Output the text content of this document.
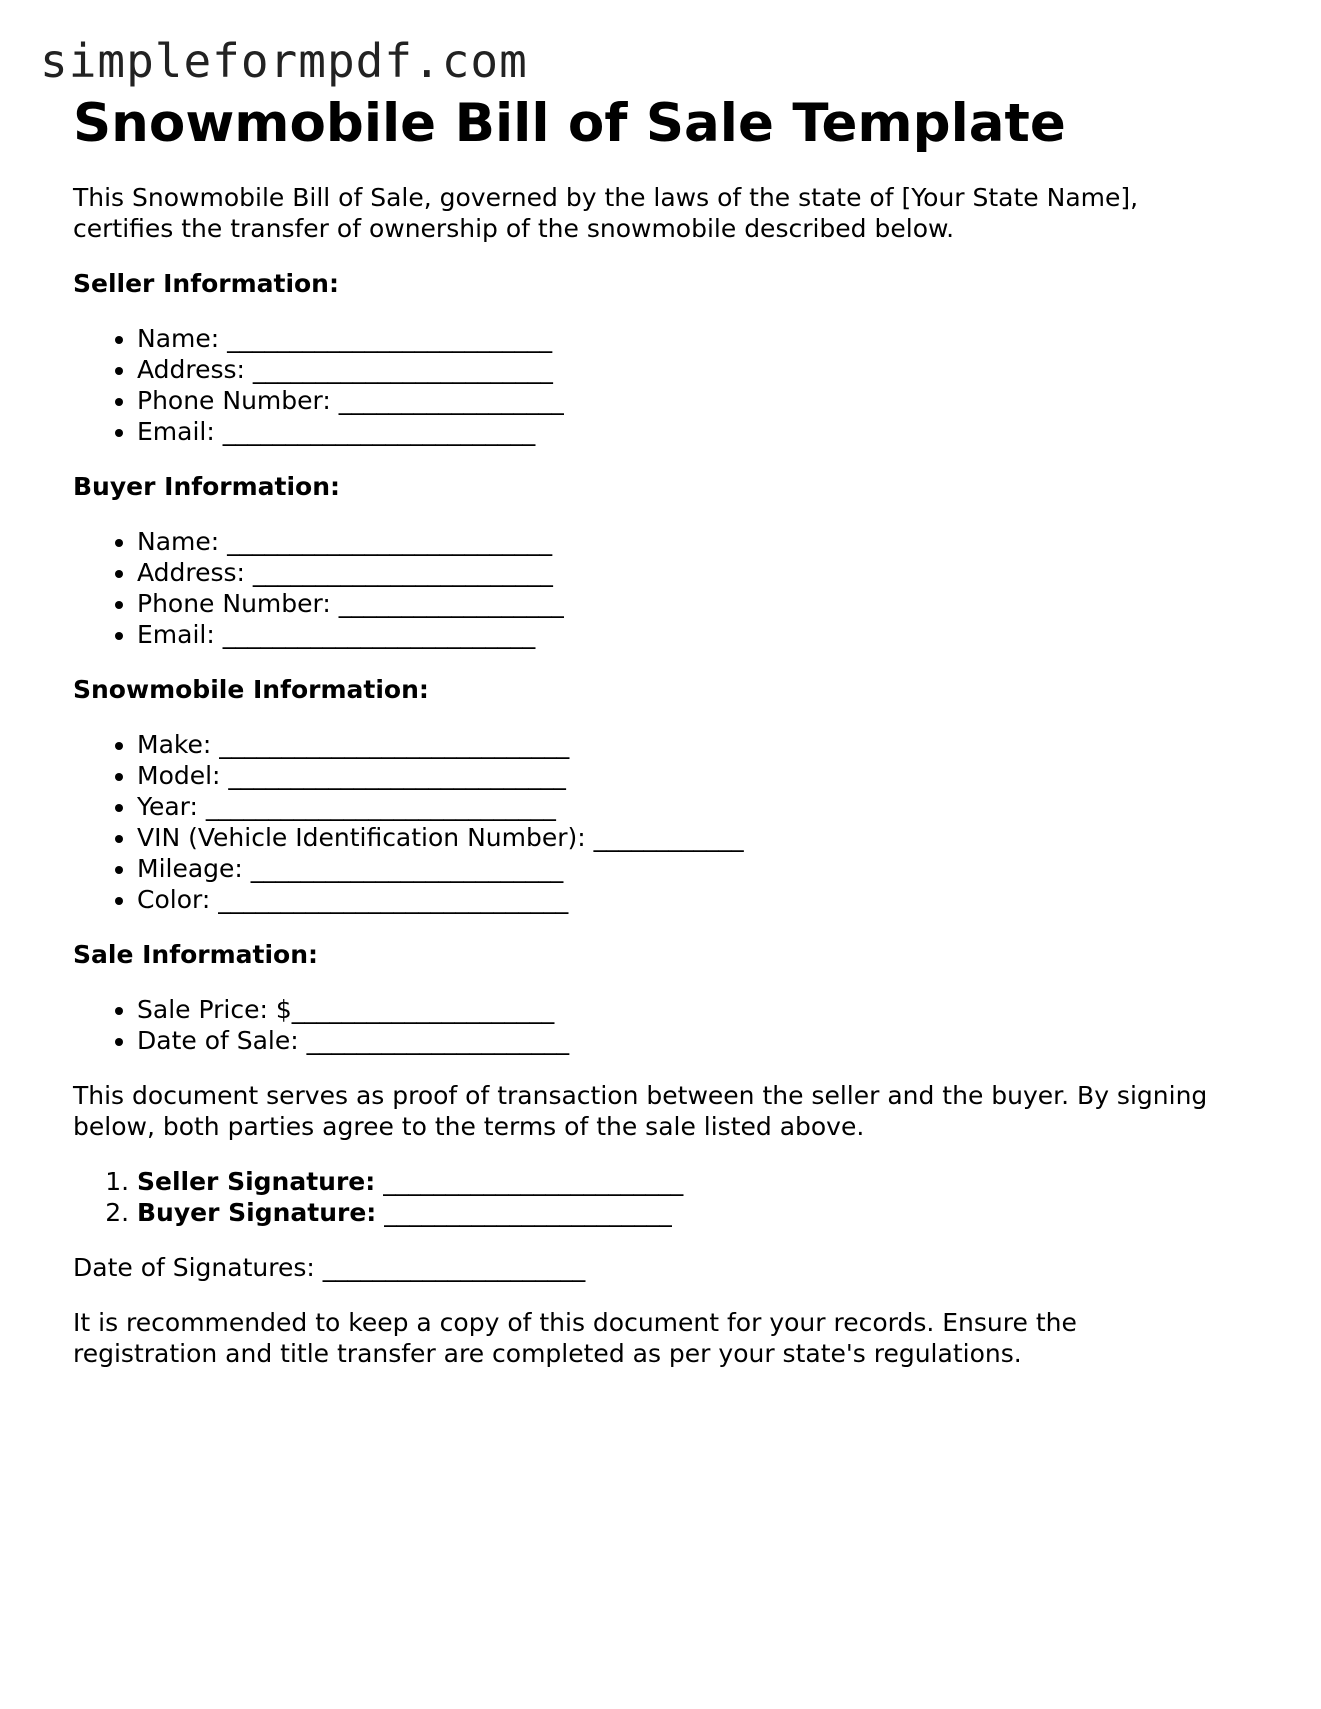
simpleformpdf.com
Snowmobile Bill of Sale Template

This Snowmobile Bill of Sale, governed by the laws of the state of [Your State Name],
certifies the transfer of ownership of the snowmobile described below.

Seller Information:
• Name: __________________________
• Address: ________________________
• Phone Number: __________________
• Email: _________________________
Buyer Information:
• Name: __________________________
• Address: ________________________
• Phone Number: __________________
• Email: _________________________
Snowmobile Information:
• Make: ____________________________
• Model: ___________________________
• Year: ____________________________
• VIN (Vehicle Identification Number): ____________
• Mileage: _________________________
• Color: ____________________________
Sale Information:
• Sale Price: $_____________________
• Date of Sale: _____________________

This document serves as proof of transaction between the seller and the buyer. By signing
below, both parties agree to the terms of the sale listed above.

1. Seller Signature: ________________________
2. Buyer Signature: _______________________

Date of Signatures: _____________________

It is recommended to keep a copy of this document for your records. Ensure the
registration and title transfer are completed as per your state's regulations.
